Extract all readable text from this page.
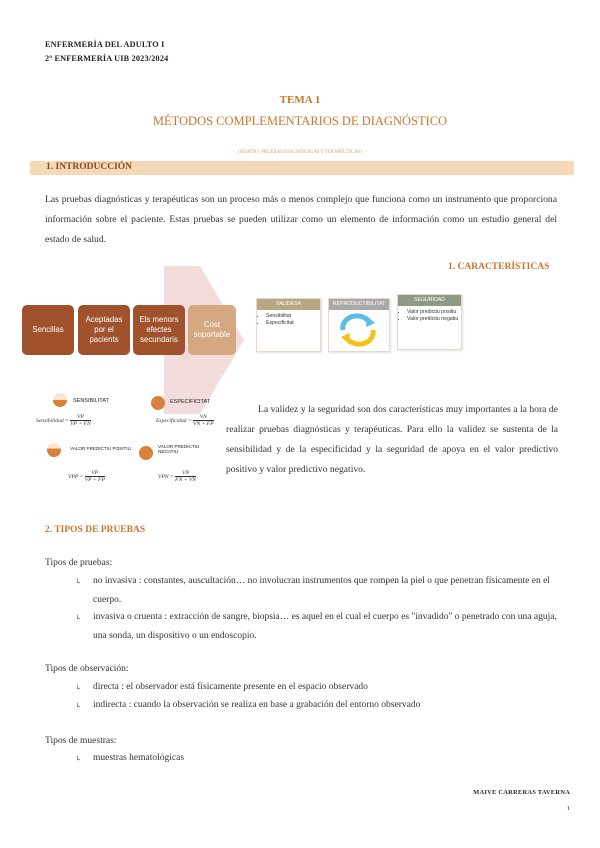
ENFERMERÍA DEL ADULTO I
2º ENFERMERÍA UIB 2023/2024
TEMA 1
MÉTODOS COMPLEMENTARIOS DE DIAGNÓSTICO
(SESIÓN 1 PRUEBAS DIAGNÓSTICAS Y TERAPÉUTICAS)
1. INTRODUCCIÓN
Las pruebas diagnósticas y terapéuticas son un proceso más o menos complejo que funciona como un instrumento que proporciona información sobre el paciente. Estas pruebas se pueden utilizar como un elemento de información como un estudio general del estado de salud.
1. CARACTERÍSTICAS
Sencillas
Aceptadas por el pacients
Els menors efectes secundaris
Cost soportable
VALIDESA
• Sensibilitat
• Especificitat
REPRODUCTIBILITAT
SEGURIDAD
• Valor predictiu positiu
• Valor predictiu negatiu
SENSIBILITAT
Sensibilidad = $\frac{VP}{VP + FN}$
ESPECIFICITAT
Especificidad = $\frac{VN}{VN + FP}$
VALOR PREDICTIU POSITIU
VPP = $\frac{VP}{VP + FP}$
VALOR PREDICTIU NEGATIU
VPN = $\frac{VN}{FN + VN}$
La validez y la seguridad son dos características muy importantes a la hora de realizar pruebas diagnósticas y terapéuticas. Para ello la validez se sustenta de la sensibilidad y de la especificidad y la seguridad de apoya en el valor predictivo positivo y valor predictivo negativo.
2. TIPOS DE PRUEBAS
Tipos de pruebas:
↳ no invasiva : constantes, auscultación… no involucran instrumentos que rompen la piel o que penetran físicamente en el cuerpo.
↳ invasiva o cruenta : extracción de sangre, biopsia… es aquel en el cual el cuerpo es "invadido" o penetrado con una aguja, una sonda, un dispositivo o un endoscopio.
Tipos de observación:
↳ directa : el observador está físicamente presente en el espacio observado
↳ indirecta : cuando la observación se realiza en base a grabación del entorno observado
Tipos de muestras:
↳ muestras hematológicas
MAIVE CARRERAS TAVERNA
1
